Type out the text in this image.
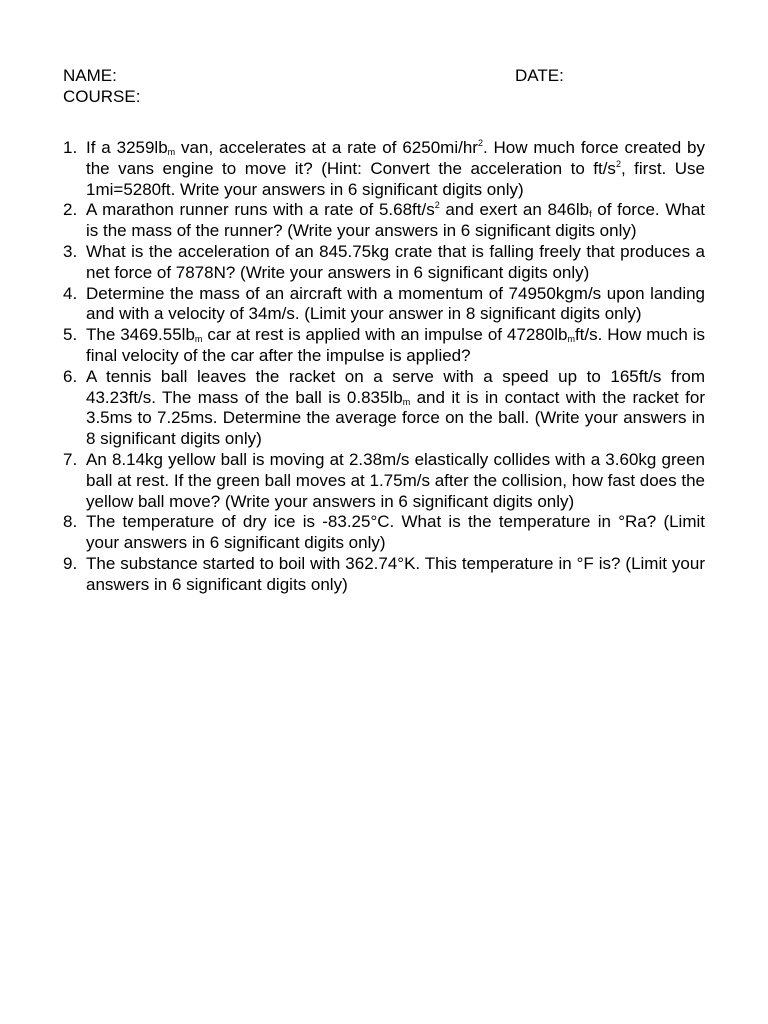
NAME:	DATE:
COURSE:
1. If a $3259lb_m$ van, accelerates at a rate of $6250mi/hr^2$. How much force created by the vans engine to move it? (Hint: Convert the acceleration to $ft/s^2$, first. Use 1mi=5280ft. Write your answers in 6 significant digits only)
2. A marathon runner runs with a rate of $5.68ft/s^2$ and exert an $846lb_f$ of force. What is the mass of the runner? (Write your answers in 6 significant digits only)
3. What is the acceleration of an 845.75kg crate that is falling freely that produces a net force of 7878N? (Write your answers in 6 significant digits only)
4. Determine the mass of an aircraft with a momentum of 74950kgm/s upon landing and with a velocity of 34m/s. (Limit your answer in 8 significant digits only)
5. The $3469.55lb_m$ car at rest is applied with an impulse of $47280lb_mft/s$. How much is final velocity of the car after the impulse is applied?
6. A tennis ball leaves the racket on a serve with a speed up to 165ft/s from 43.23ft/s. The mass of the ball is $0.835lb_m$ and it is in contact with the racket for 3.5ms to 7.25ms. Determine the average force on the ball. (Write your answers in 8 significant digits only)
7. An 8.14kg yellow ball is moving at 2.38m/s elastically collides with a 3.60kg green ball at rest. If the green ball moves at 1.75m/s after the collision, how fast does the yellow ball move? (Write your answers in 6 significant digits only)
8. The temperature of dry ice is -83.25°C. What is the temperature in °Ra? (Limit your answers in 6 significant digits only)
9. The substance started to boil with 362.74°K. This temperature in °F is? (Limit your answers in 6 significant digits only)
